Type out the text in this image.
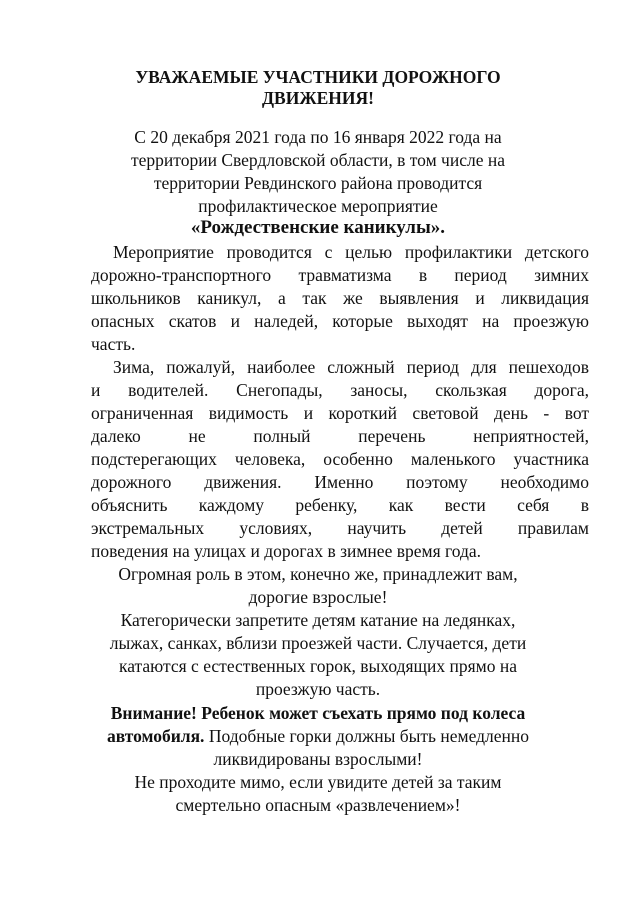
УВАЖАЕМЫЕ УЧАСТНИКИ ДОРОЖНОГО
ДВИЖЕНИЯ!
С 20 декабря 2021 года по 16 января 2022 года на
территории Свердловской области, в том числе на
территории Ревдинского района проводится
профилактическое мероприятие
«Рождественские каникулы».
Мероприятие проводится с целью профилактики детского
дорожно-транспортного травматизма в период зимних
школьников каникул, а так же выявления и ликвидация
опасных скатов и наледей, которые выходят на проезжую
часть.
Зима, пожалуй, наиболее сложный период для пешеходов
и водителей. Снегопады, заносы, скользкая дорога,
ограниченная видимость и короткий световой день - вот
далеко не полный перечень неприятностей,
подстерегающих человека, особенно маленького участника
дорожного движения. Именно поэтому необходимо
объяснить каждому ребенку, как вести себя в
экстремальных условиях, научить детей правилам
поведения на улицах и дорогах в зимнее время года.
Огромная роль в этом, конечно же, принадлежит вам,
дорогие взрослые!
Категорически запретите детям катание на ледянках,
лыжах, санках, вблизи проезжей части. Случается, дети
катаются с естественных горок, выходящих прямо на
проезжую часть.
Внимание! Ребенок может съехать прямо под колеса
автомобиля. Подобные горки должны быть немедленно
ликвидированы взрослыми!
Не проходите мимо, если увидите детей за таким
смертельно опасным «развлечением»!
